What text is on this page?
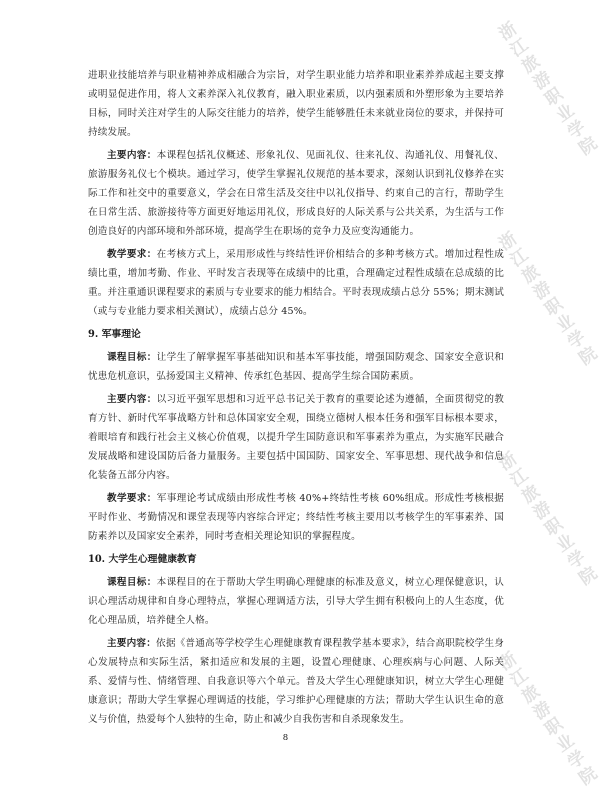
浙江旅游职业学院
浙江旅游职业学院
浙江旅游职业学院
浙江旅游职业学院

进职业技能培养与职业精神养成相融合为宗旨，对学生职业能力培养和职业素养养成起主要支撑或明显促进作用，将人文素养深入礼仪教育，融入职业素质，以内强素质和外塑形象为主要培养目标，同时关注对学生的人际交往能力的培养，使学生能够胜任未来就业岗位的要求，并保持可持续发展。

主要内容：本课程包括礼仪概述、形象礼仪、见面礼仪、往来礼仪、沟通礼仪、用餐礼仪、旅游服务礼仪七个模块。通过学习，使学生掌握礼仪规范的基本要求，深刻认识到礼仪修养在实际工作和社交中的重要意义，学会在日常生活及交往中以礼仪指导、约束自己的言行，帮助学生在日常生活、旅游接待等方面更好地运用礼仪，形成良好的人际关系与公共关系，为生活与工作创造良好的内部环境和外部环境，提高学生在职场的竞争力及应变沟通能力。

教学要求：在考核方式上，采用形成性与终结性评价相结合的多种考核方式。增加过程性成绩比重，增加考勤、作业、平时发言表现等在成绩中的比重，合理确定过程性成绩在总成绩的比重。并注重通识课程要求的素质与专业要求的能力相结合。平时表现成绩占总分 55%；期末测试（或与专业能力要求相关测试），成绩占总分 45%。

9. 军事理论

课程目标：让学生了解掌握军事基础知识和基本军事技能，增强国防观念、国家安全意识和忧患危机意识，弘扬爱国主义精神、传承红色基因、提高学生综合国防素质。

主要内容：以习近平强军思想和习近平总书记关于教育的重要论述为遵循，全面贯彻党的教育方针、新时代军事战略方针和总体国家安全观，围绕立德树人根本任务和强军目标根本要求，着眼培育和践行社会主义核心价值观，以提升学生国防意识和军事素养为重点，为实施军民融合发展战略和建设国防后备力量服务。主要包括中国国防、国家安全、军事思想、现代战争和信息化装备五部分内容。

教学要求：军事理论考试成绩由形成性考核 40%+终结性考核 60%组成。形成性考核根据平时作业、考勤情况和课堂表现等内容综合评定；终结性考核主要用以考核学生的军事素养、国防素养以及国家安全素养，同时考查相关理论知识的掌握程度。

10. 大学生心理健康教育

课程目标：本课程目的在于帮助大学生明确心理健康的标准及意义，树立心理保健意识，认识心理活动规律和自身心理特点，掌握心理调适方法，引导大学生拥有积极向上的人生态度，优化心理品质，培养健全人格。

主要内容：依据《普通高等学校学生心理健康教育课程教学基本要求》，结合高职院校学生身心发展特点和实际生活，紧扣适应和发展的主题，设置心理健康、心理疾病与心问题、人际关系、爱情与性、情绪管理、自我意识等六个单元。普及大学生心理健康知识，树立大学生心理健康意识；帮助大学生掌握心理调适的技能，学习维护心理健康的方法；帮助大学生认识生命的意义与价值，热爱每个人独特的生命，防止和减少自我伤害和自杀现象发生。

8
